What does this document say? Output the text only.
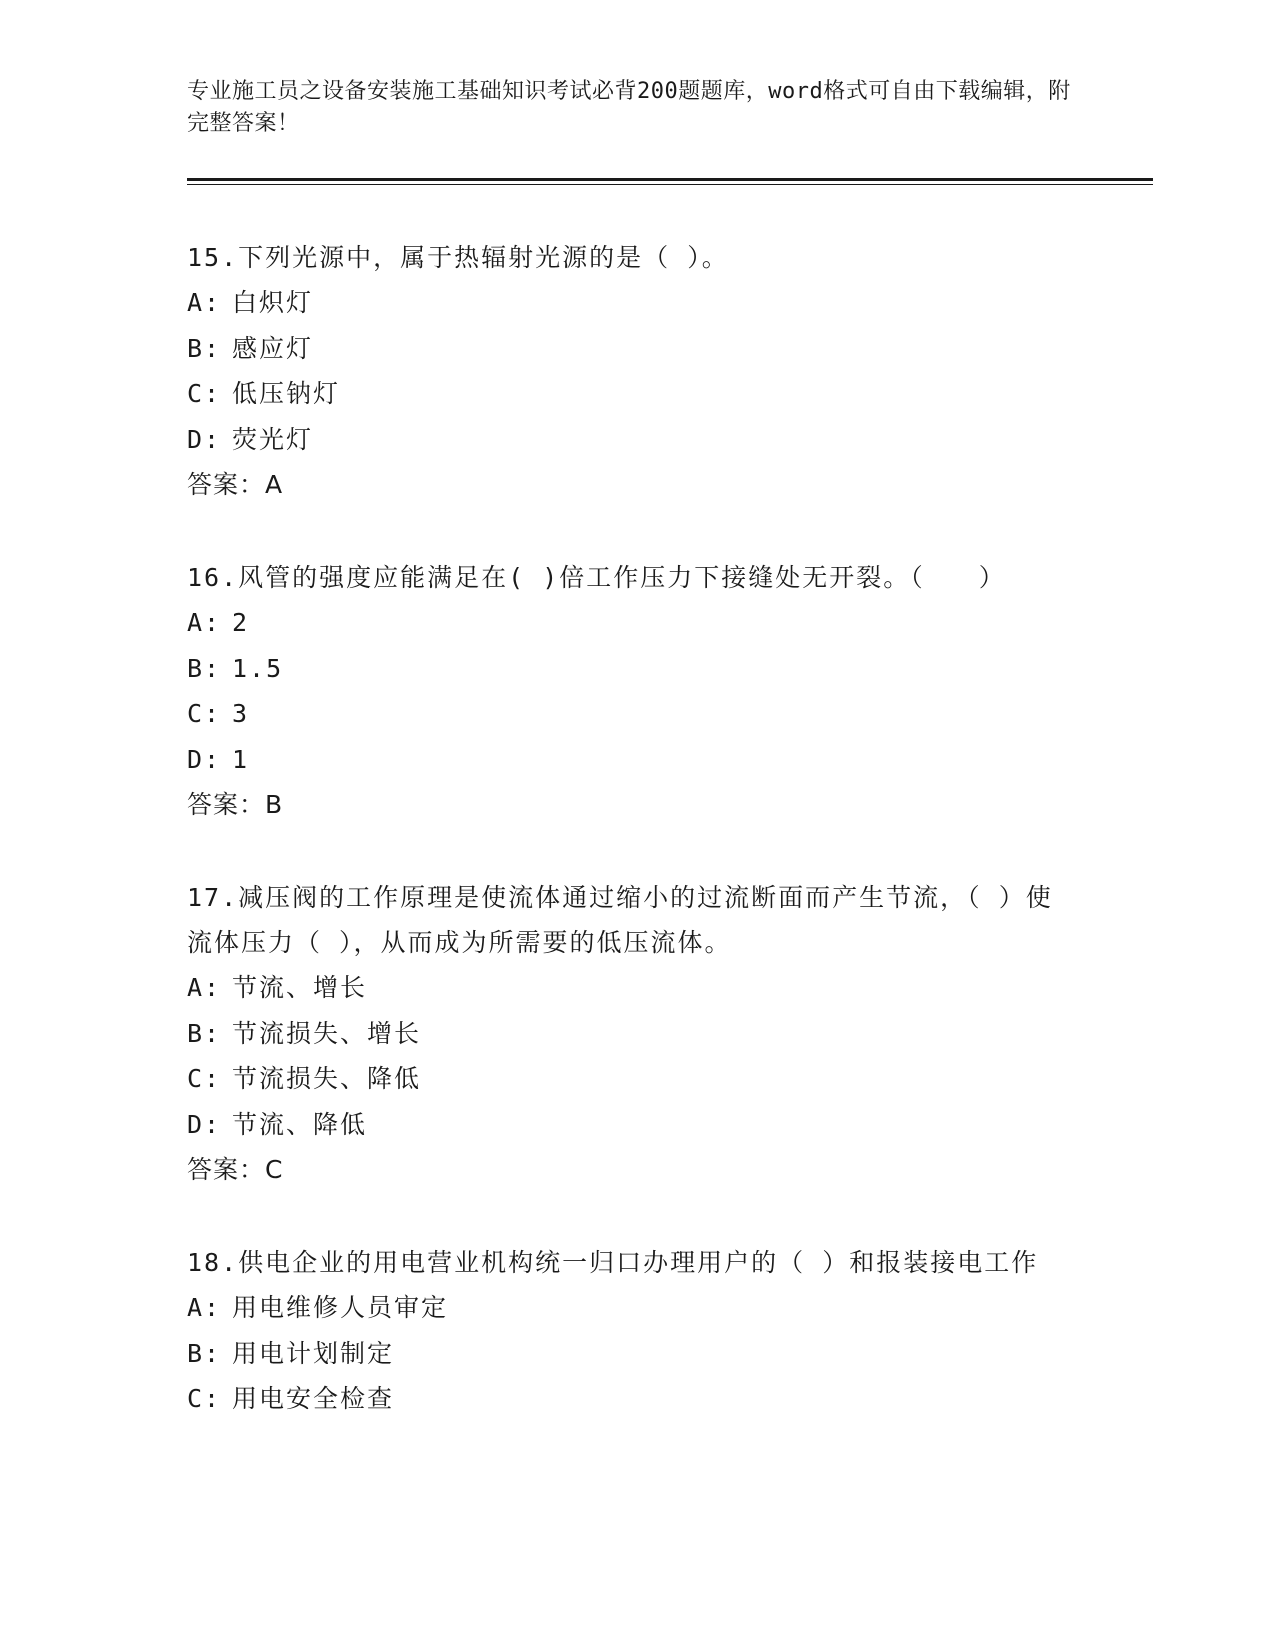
专业施工员之设备安装施工基础知识考试必背200题题库，word格式可自由下载编辑，附完整答案！
15.下列光源中，属于热辐射光源的是（ ）。
A: 白炽灯
B: 感应灯
C: 低压钠灯
D: 荧光灯
答案：A
16.风管的强度应能满足在( )倍工作压力下接缝处无开裂。（　　）
A: 2
B: 1.5
C: 3
D: 1
答案：B
17.减压阀的工作原理是使流体通过缩小的过流断面而产生节流，（ ）使流体压力（ ），从而成为所需要的低压流体。
A: 节流、增长
B: 节流损失、增长
C: 节流损失、降低
D: 节流、降低
答案：C
18.供电企业的用电营业机构统一归口办理用户的（ ）和报装接电工作
A: 用电维修人员审定
B: 用电计划制定
C: 用电安全检查
